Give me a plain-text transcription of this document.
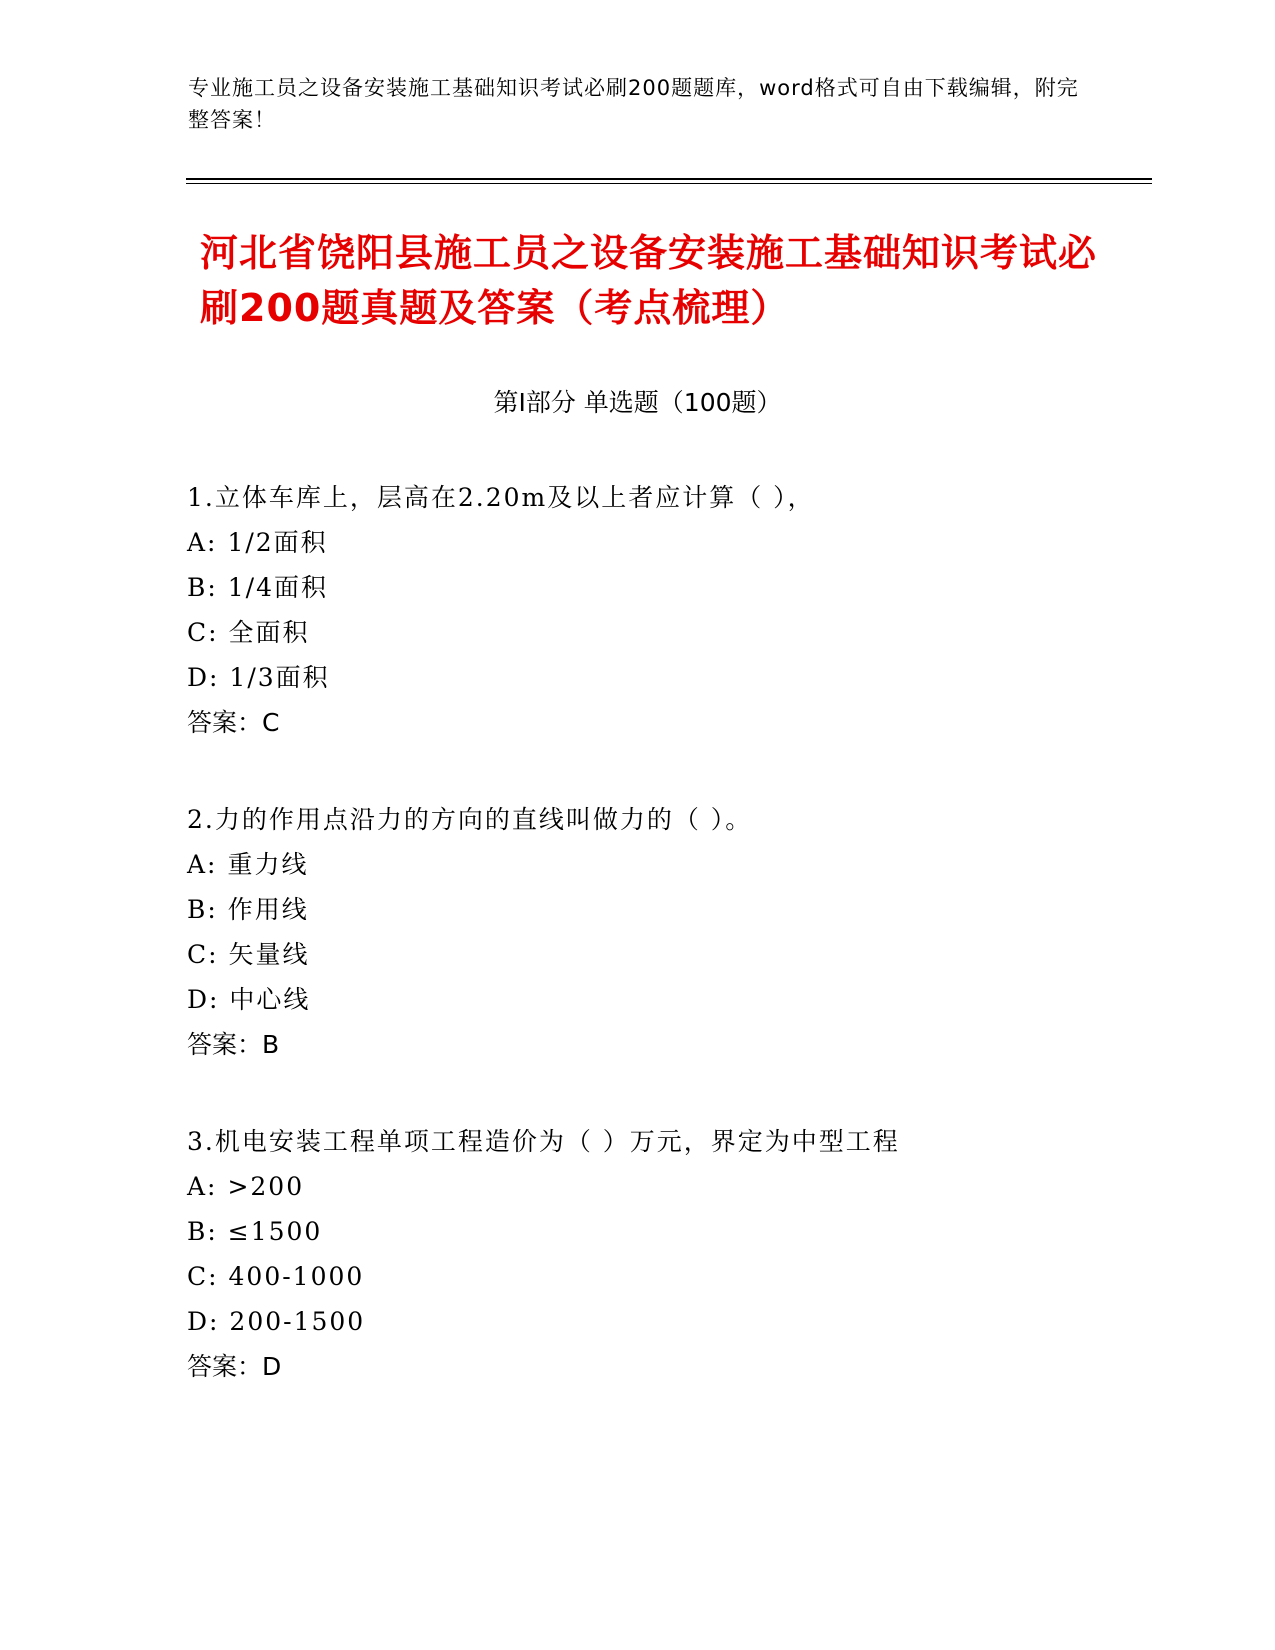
专业施工员之设备安装施工基础知识考试必刷200题题库，word格式可自由下载编辑，附完整答案！
河北省饶阳县施工员之设备安装施工基础知识考试必刷200题真题及答案（考点梳理）
第I部分 单选题（100题）
1.立体车库上，层高在2.20m及以上者应计算（ ），
A: 1/2面积
B: 1/4面积
C: 全面积
D: 1/3面积
答案：C
2.力的作用点沿力的方向的直线叫做力的（ ）。
A: 重力线
B: 作用线
C: 矢量线
D: 中心线
答案：B
3.机电安装工程单项工程造价为（ ）万元，界定为中型工程
A: >200
B: ≤1500
C: 400-1000
D: 200-1500
答案：D
